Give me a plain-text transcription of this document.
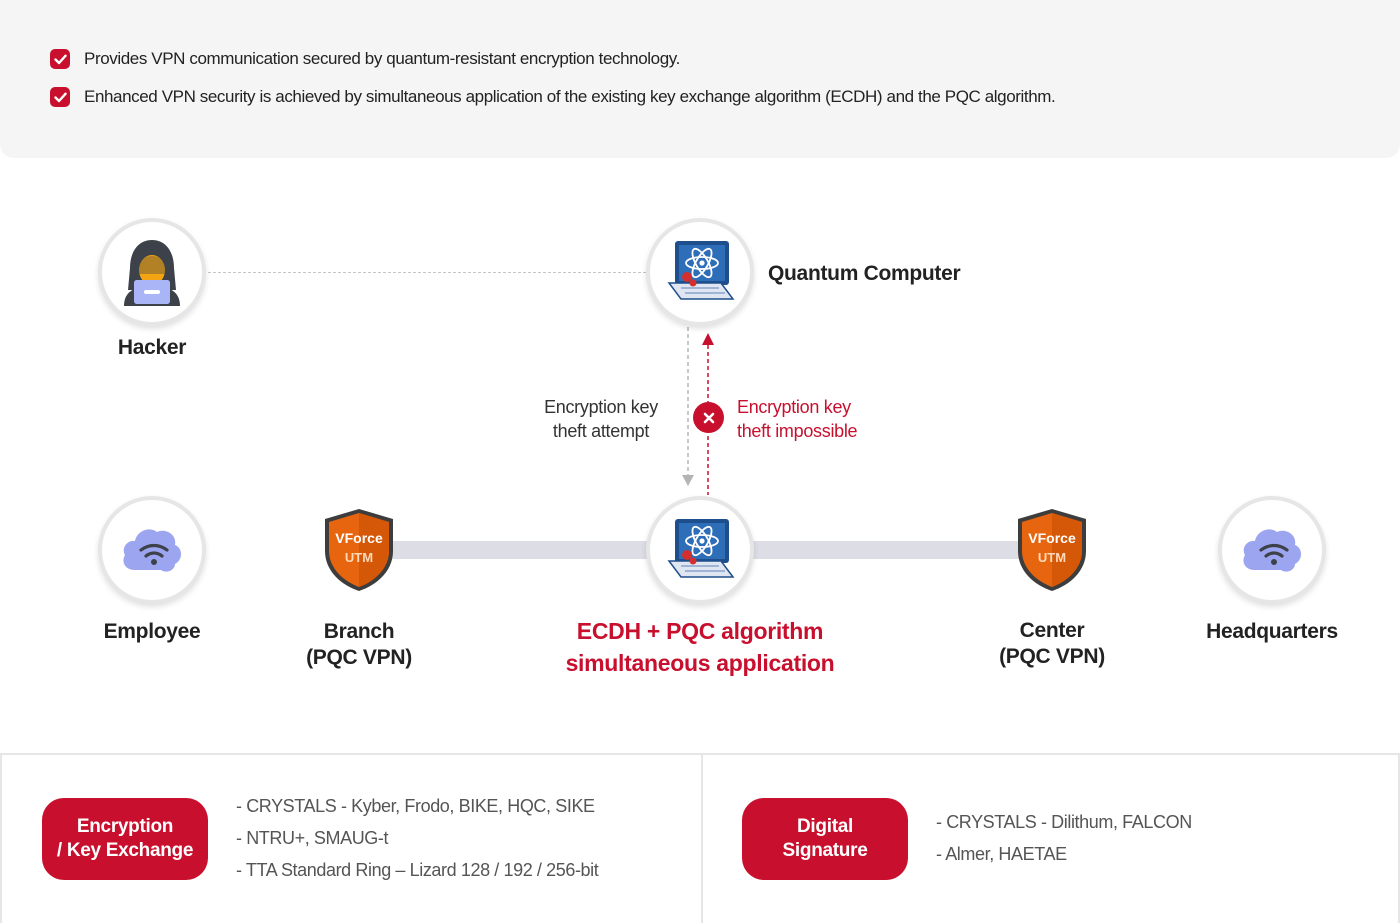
Provides VPN communication secured by quantum-resistant encryption technology.
Enhanced VPN security is achieved by simultaneous application of the existing key exchange algorithm (ECDH) and the PQC algorithm.
Hacker
Quantum Computer
Encryption key
theft attempt
Encryption key
theft impossible
Employee
VForce
UTM
Branch
(PQC VPN)
ECDH + PQC algorithm
simultaneous application
VForce
UTM
Center
(PQC VPN)
Headquarters
Encryption
/ Key Exchange
- CRYSTALS - Kyber, Frodo, BIKE, HQC, SIKE
- NTRU+, SMAUG-t
- TTA Standard Ring – Lizard 128 / 192 / 256-bit
Digital
Signature
- CRYSTALS - Dilithum, FALCON
- Almer, HAETAE
